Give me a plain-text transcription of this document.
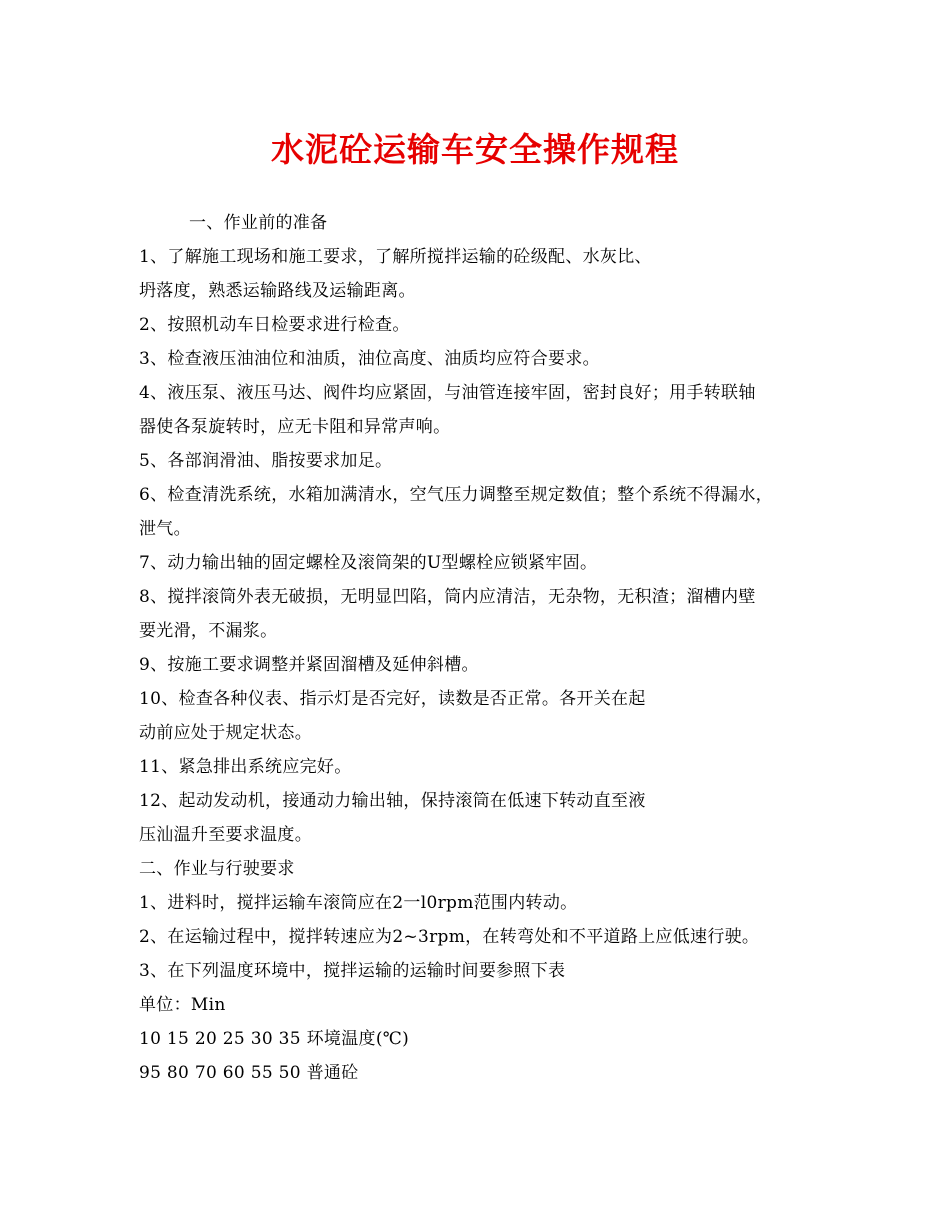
水泥砼运输车安全操作规程
一、作业前的准备
1、了解施工现场和施工要求，了解所搅拌运输的砼级配、水灰比、
坍落度，熟悉运输路线及运输距离。
2、按照机动车日检要求进行检查。
3、检查液压油油位和油质，油位高度、油质均应符合要求。
4、液压泵、液压马达、阀件均应紧固，与油管连接牢固，密封良好；用手转联轴
器使各泵旋转时，应无卡阻和异常声响。
5、各部润滑油、脂按要求加足。
6、检查清洗系统，水箱加满清水，空气压力调整至规定数值；整个系统不得漏水，
泄气。
7、动力输出轴的固定螺栓及滚筒架的U型螺栓应锁紧牢固。
8、搅拌滚筒外表无破损，无明显凹陷，筒内应清洁，无杂物，无积渣；溜槽内壁
要光滑，不漏浆。
9、按施工要求调整并紧固溜槽及延伸斜槽。
10、检查各种仪表、指示灯是否完好，读数是否正常。各开关在起
动前应处于规定状态。
11、紧急排出系统应完好。
12、起动发动机，接通动力输出轴，保持滚筒在低速下转动直至液
压汕温升至要求温度。
二、作业与行驶要求
1、进料时，搅拌运输车滚筒应在2一l0rpm范围内转动。
2、在运输过程中，搅拌转速应为2~3rpm，在转弯处和不平道路上应低速行驶。
3、在下列温度环境中，搅拌运输的运输时间要参照下表
单位：Min
10 15 20 25 30 35 环境温度(℃)
95 80 70 60 55 50 普通砼
